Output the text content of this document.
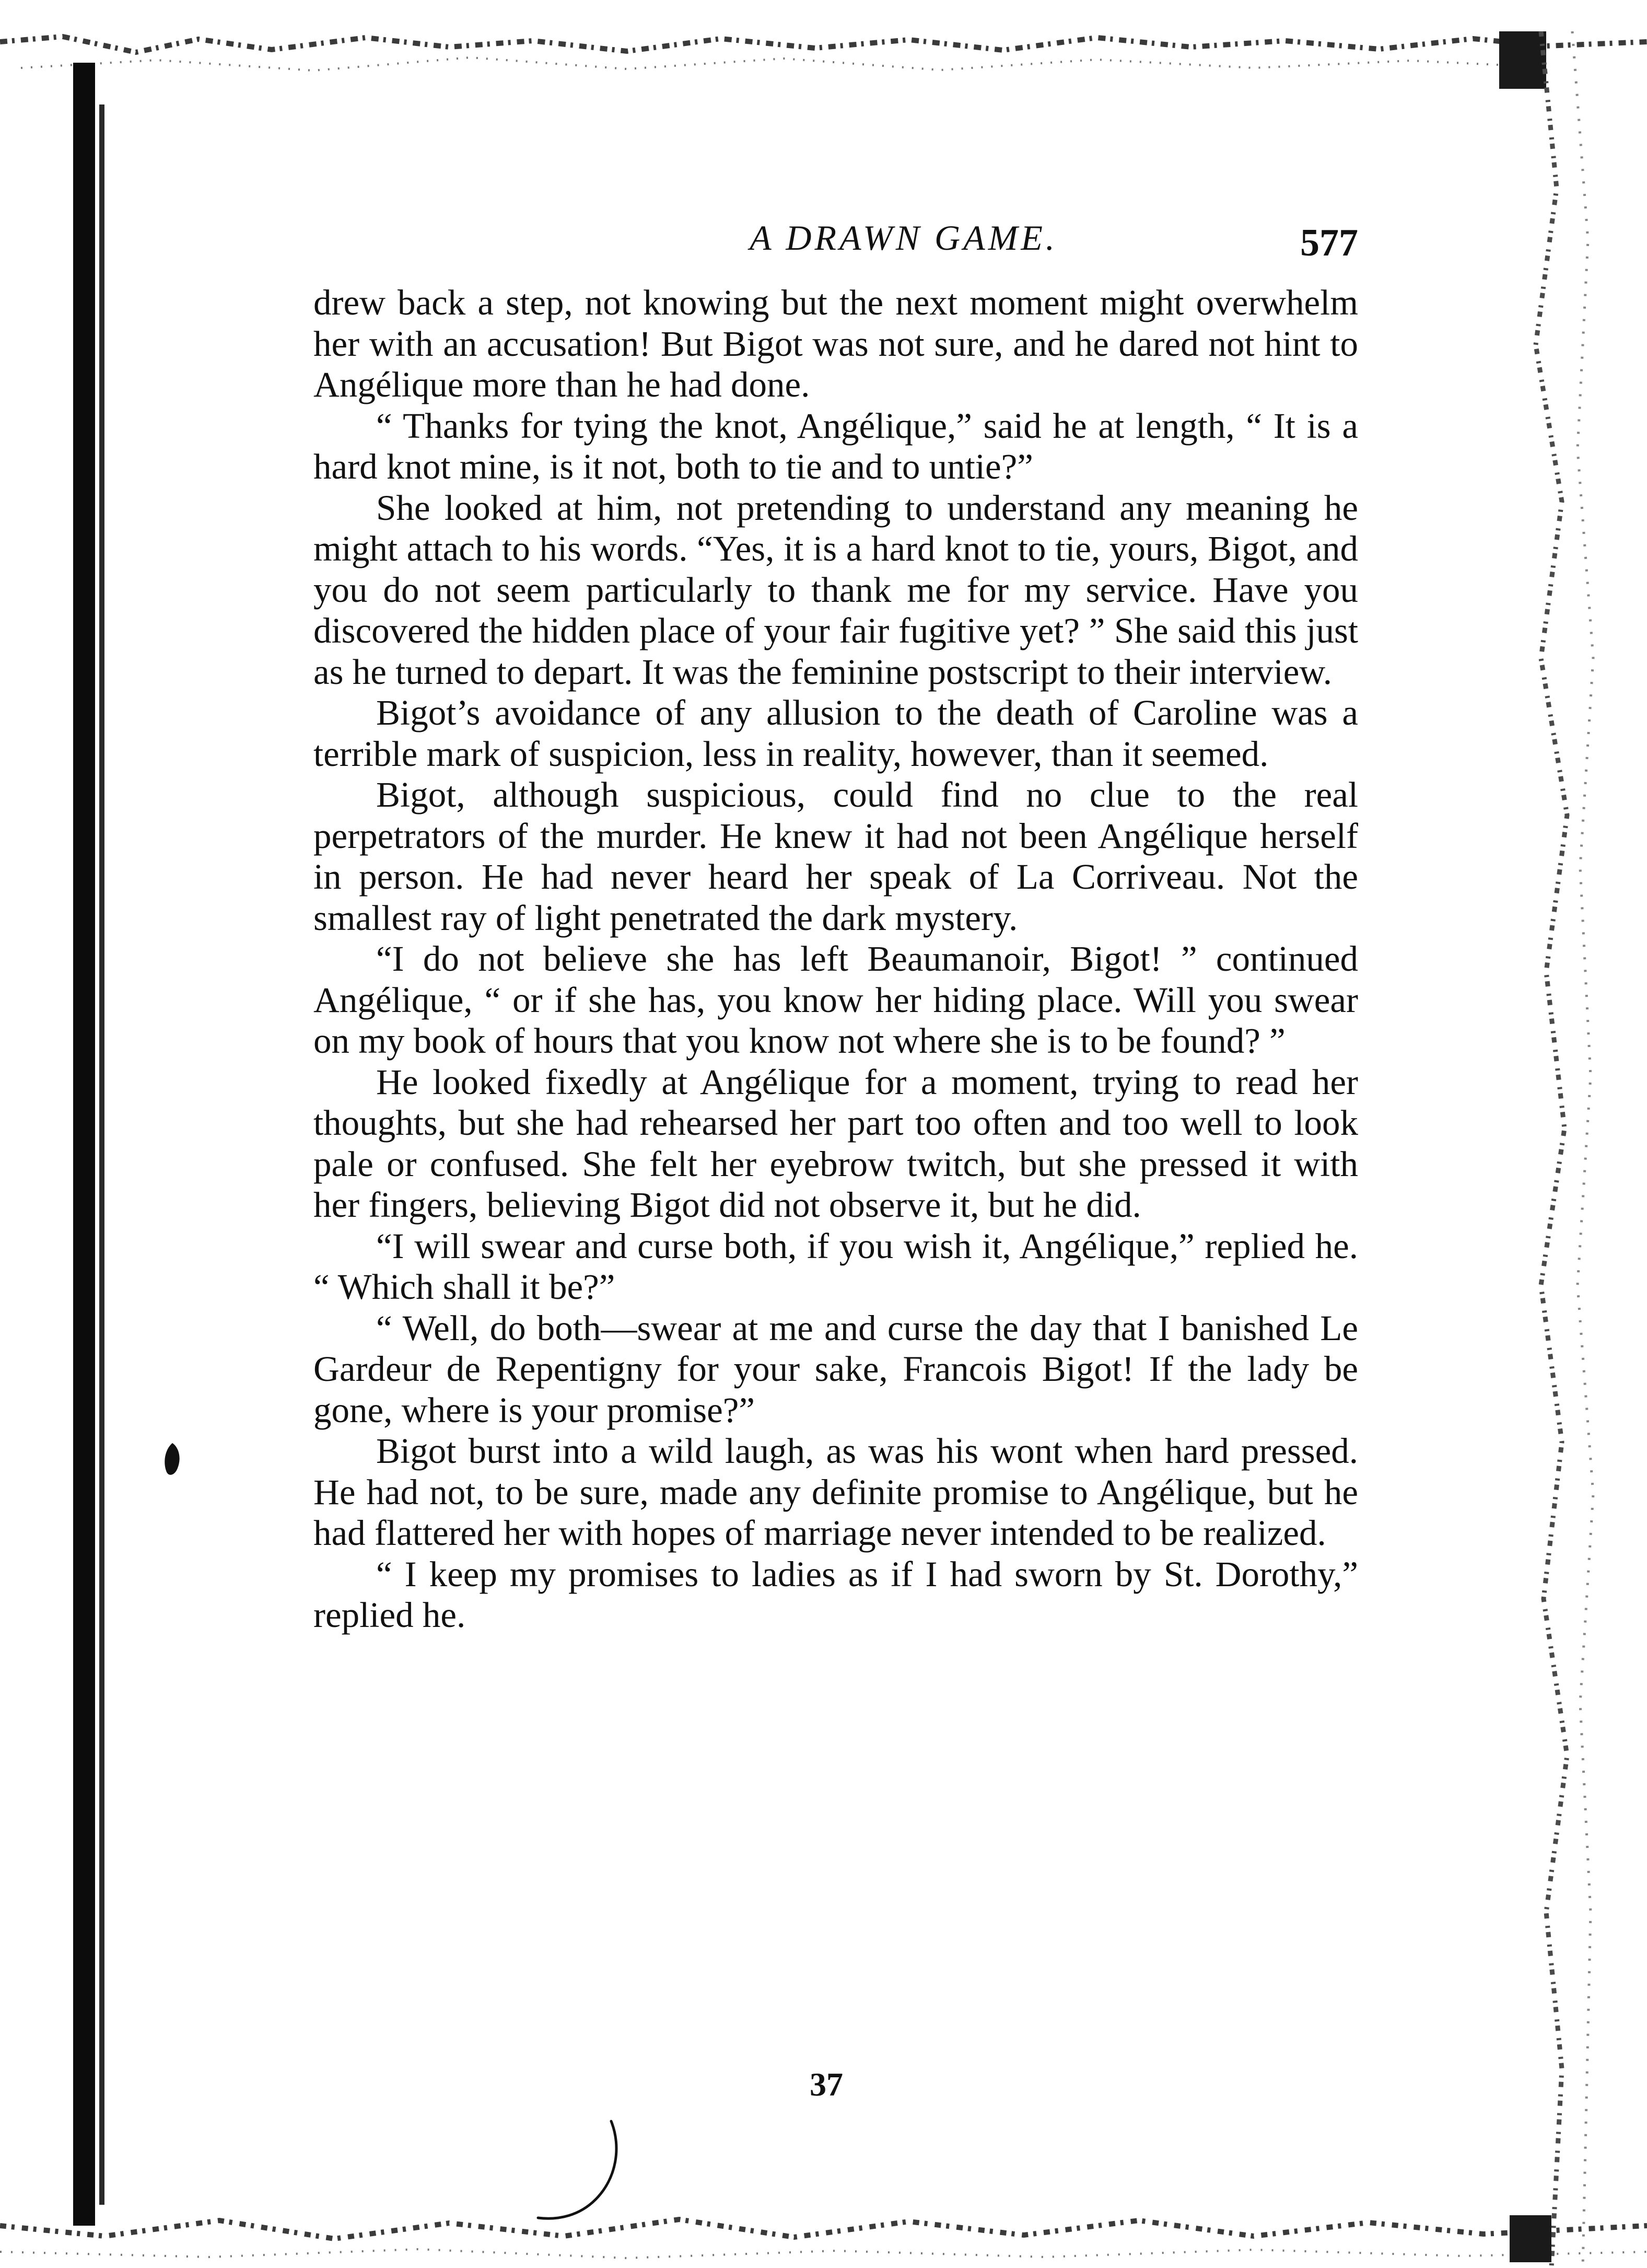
A DRAWN GAME.	577

drew back a step, not knowing but the next moment might overwhelm her with an accusation! But Bigot was not sure, and he dared not hint to Angélique more than he had done.

“ Thanks for tying the knot, Angélique,” said he at length, “ It is a hard knot mine, is it not, both to tie and to untie?”

She looked at him, not pretending to understand any meaning he might attach to his words. “Yes, it is a hard knot to tie, yours, Bigot, and you do not seem particularly to thank me for my service. Have you discovered the hidden place of your fair fugitive yet? ” She said this just as he turned to depart. It was the feminine postscript to their interview.

Bigot’s avoidance of any allusion to the death of Caroline was a terrible mark of suspicion, less in reality, however, than it seemed.

Bigot, although suspicious, could find no clue to the real perpetrators of the murder. He knew it had not been Angélique herself in person. He had never heard her speak of La Corriveau. Not the smallest ray of light penetrated the dark mystery.

“I do not believe she has left Beaumanoir, Bigot! ” continued Angélique, “ or if she has, you know her hiding place. Will you swear on my book of hours that you know not where she is to be found? ”

He looked fixedly at Angélique for a moment, trying to read her thoughts, but she had rehearsed her part too often and too well to look pale or confused. She felt her eyebrow twitch, but she pressed it with her fingers, believing Bigot did not observe it, but he did.

“I will swear and curse both, if you wish it, Angélique,” replied he. “ Which shall it be?”

“ Well, do both—swear at me and curse the day that I banished Le Gardeur de Repentigny for your sake, Francois Bigot! If the lady be gone, where is your promise?”

Bigot burst into a wild laugh, as was his wont when hard pressed. He had not, to be sure, made any definite promise to Angélique, but he had flattered her with hopes of marriage never intended to be realized.

“ I keep my promises to ladies as if I had sworn by St. Dorothy,” replied he.

37
